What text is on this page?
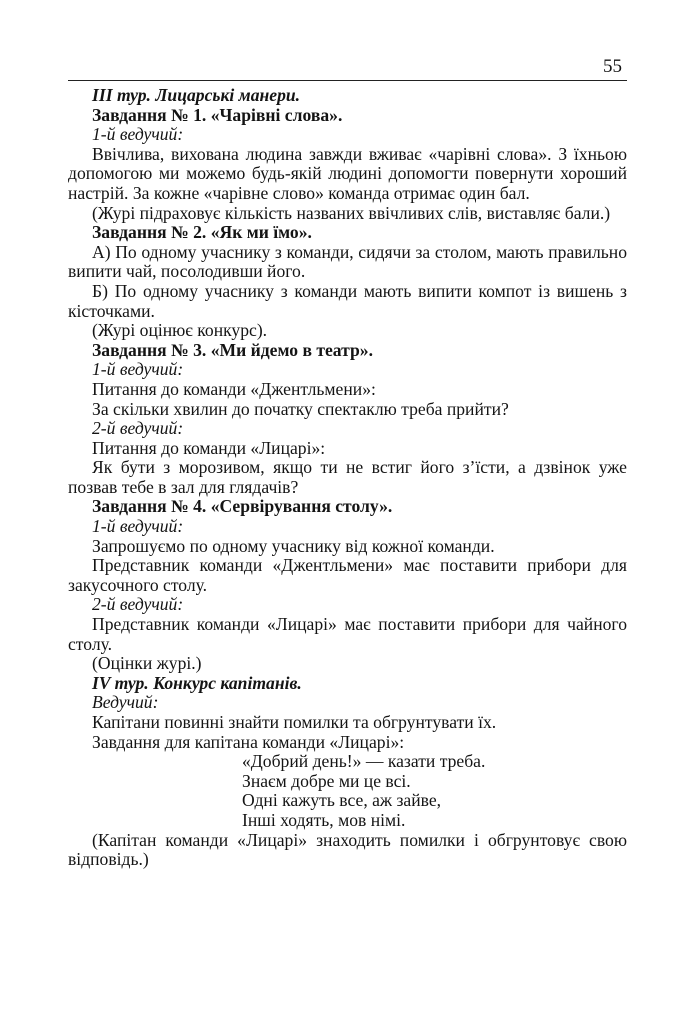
55

III тур. Лицарські манери.

Завдання № 1. «Чарівні слова».

1-й ведучий:

Ввічлива, вихована людина завжди вживає «чарівні слова». З їхньою допомогою ми можемо будь-якій людині допомогти повернути хороший настрій. За кожне «чарівне слово» команда отримає один бал.

(Журі підраховує кількість названих ввічливих слів, виставляє бали.)

Завдання № 2. «Як ми їмо».

А) По одному учаснику з команди, сидячи за столом, мають правильно випити чай, посолодивши його.

Б) По одному учаснику з команди мають випити компот із вишень з кісточками.

(Журі оцінює конкурс).

Завдання № 3. «Ми йдемо в театр».

1-й ведучий:

Питання до команди «Джентльмени»:

За скільки хвилин до початку спектаклю треба прийти?

2-й ведучий:

Питання до команди «Лицарі»:

Як бути з морозивом, якщо ти не встиг його з’їсти, а дзвінок уже позвав тебе в зал для глядачів?

Завдання № 4. «Сервірування столу».

1-й ведучий:

Запрошуємо по одному учаснику від кожної команди.

Представник команди «Джентльмени» має поставити прибори для закусочного столу.

2-й ведучий:

Представник команди «Лицарі» має поставити прибори для чайного столу.

(Оцінки журі.)

IV тур. Конкурс капітанів.

Ведучий:

Капітани повинні знайти помилки та обгрунтувати їх.

Завдання для капітана команди «Лицарі»:

«Добрий день!» — казати треба.
Знаєм добре ми це всі.
Одні кажуть все, аж зайве,
Інші ходять, мов німі.

(Капітан команди «Лицарі» знаходить помилки і обгрунтовує свою відповідь.)
